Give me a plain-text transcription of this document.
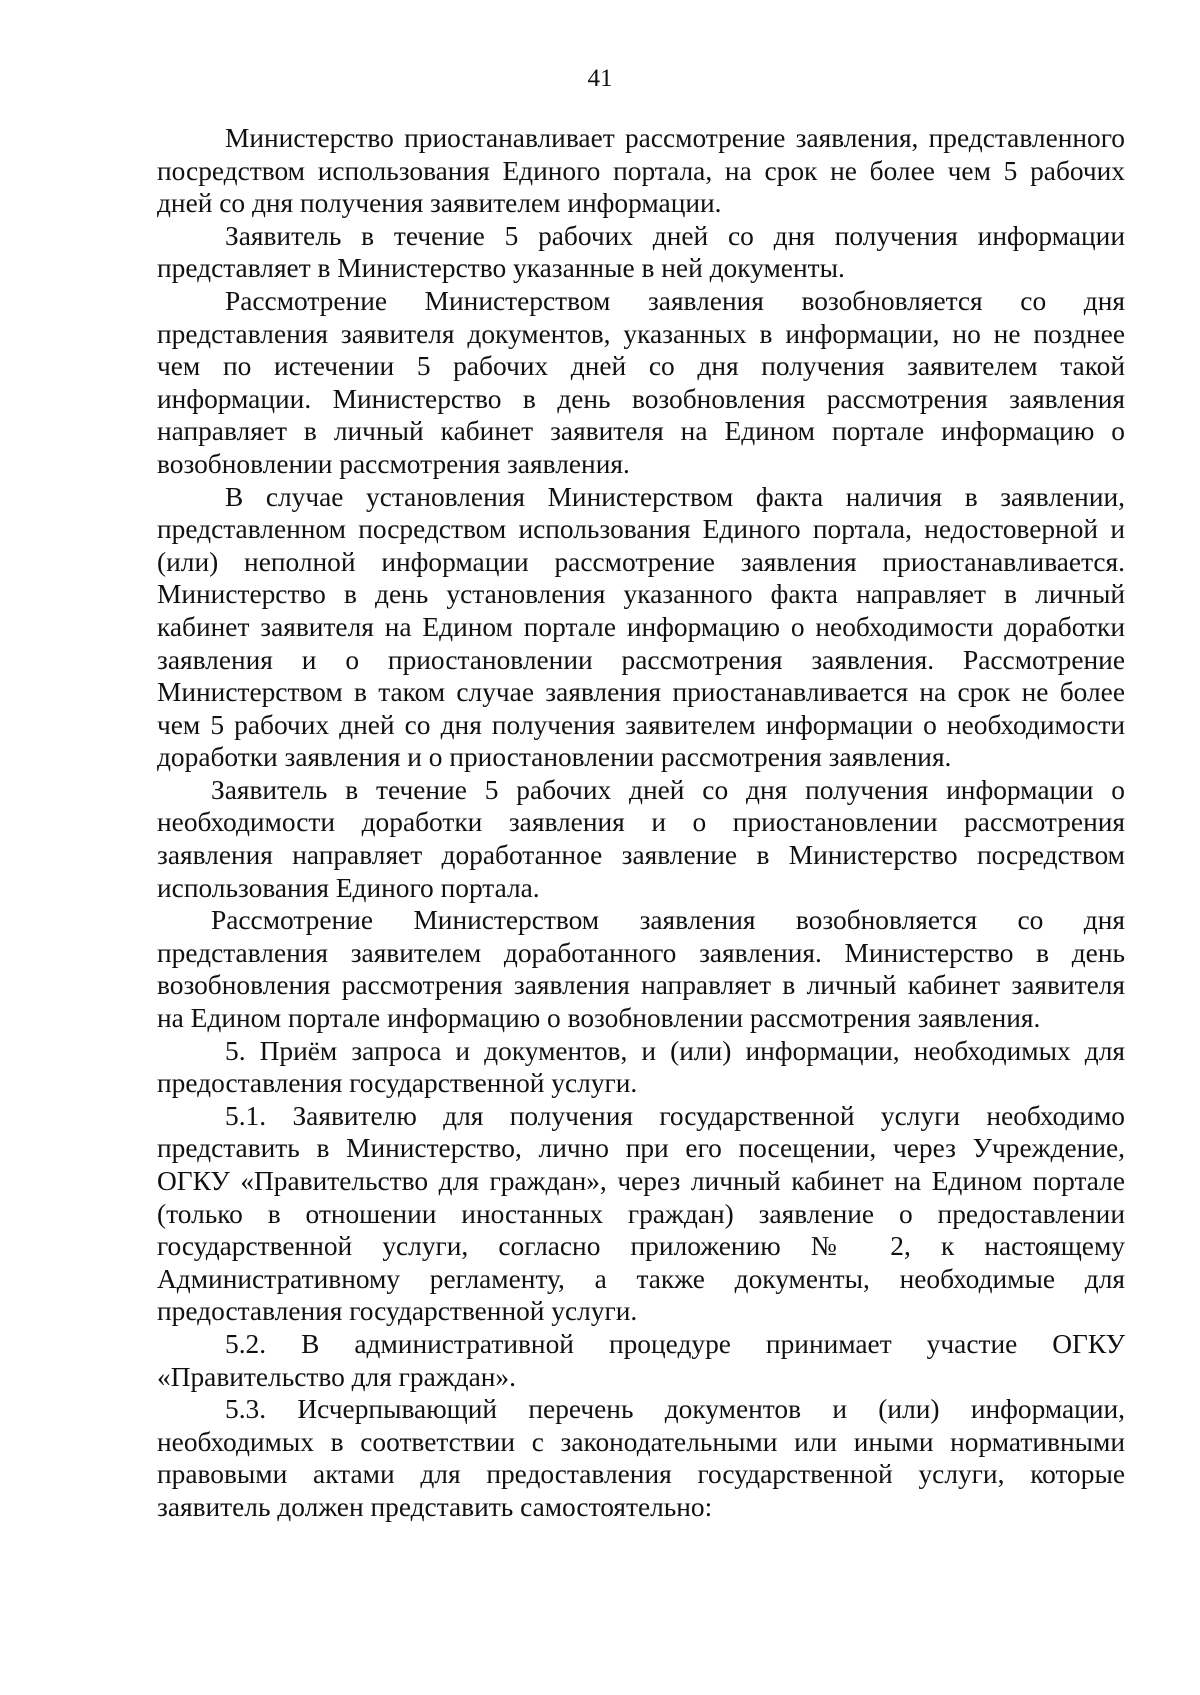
41

Министерство приостанавливает рассмотрение заявления, представленного посредством использования Единого портала, на срок не более чем 5 рабочих дней со дня получения заявителем информации.

Заявитель в течение 5 рабочих дней со дня получения информации представляет в Министерство указанные в ней документы.

Рассмотрение Министерством заявления возобновляется со дня представления заявителя документов, указанных в информации, но не позднее чем по истечении 5 рабочих дней со дня получения заявителем такой информации. Министерство в день возобновления рассмотрения заявления направляет в личный кабинет заявителя на Едином портале информацию о возобновлении рассмотрения заявления.

В случае установления Министерством факта наличия в заявлении, представленном посредством использования Единого портала, недостоверной и (или) неполной информации рассмотрение заявления приостанавливается. Министерство в день установления указанного факта направляет в личный кабинет заявителя на Едином портале информацию о необходимости доработки заявления и о приостановлении рассмотрения заявления. Рассмотрение Министерством в таком случае заявления приостанавливается на срок не более чем 5 рабочих дней со дня получения заявителем информации о необходимости доработки заявления и о приостановлении рассмотрения заявления.

Заявитель в течение 5 рабочих дней со дня получения информации о необходимости доработки заявления и о приостановлении рассмотрения заявления направляет доработанное заявление в Министерство посредством использования Единого портала.

Рассмотрение Министерством заявления возобновляется со дня представления заявителем доработанного заявления. Министерство в день возобновления рассмотрения заявления направляет в личный кабинет заявителя на Едином портале информацию о возобновлении рассмотрения заявления.

5. Приём запроса и документов, и (или) информации, необходимых для предоставления государственной услуги.

5.1. Заявителю для получения государственной услуги необходимо представить в Министерство, лично при его посещении, через Учреждение, ОГКУ «Правительство для граждан», через личный кабинет на Едином портале (только в отношении иностанных граждан) заявление о предоставлении государственной услуги, согласно приложению № 2, к настоящему Административному регламенту, а также документы, необходимые для предоставления государственной услуги.

5.2. В административной процедуре принимает участие ОГКУ «Правительство для граждан».

5.3. Исчерпывающий перечень документов и (или) информации, необходимых в соответствии с законодательными или иными нормативными правовыми актами для предоставления государственной услуги, которые заявитель должен представить самостоятельно:
